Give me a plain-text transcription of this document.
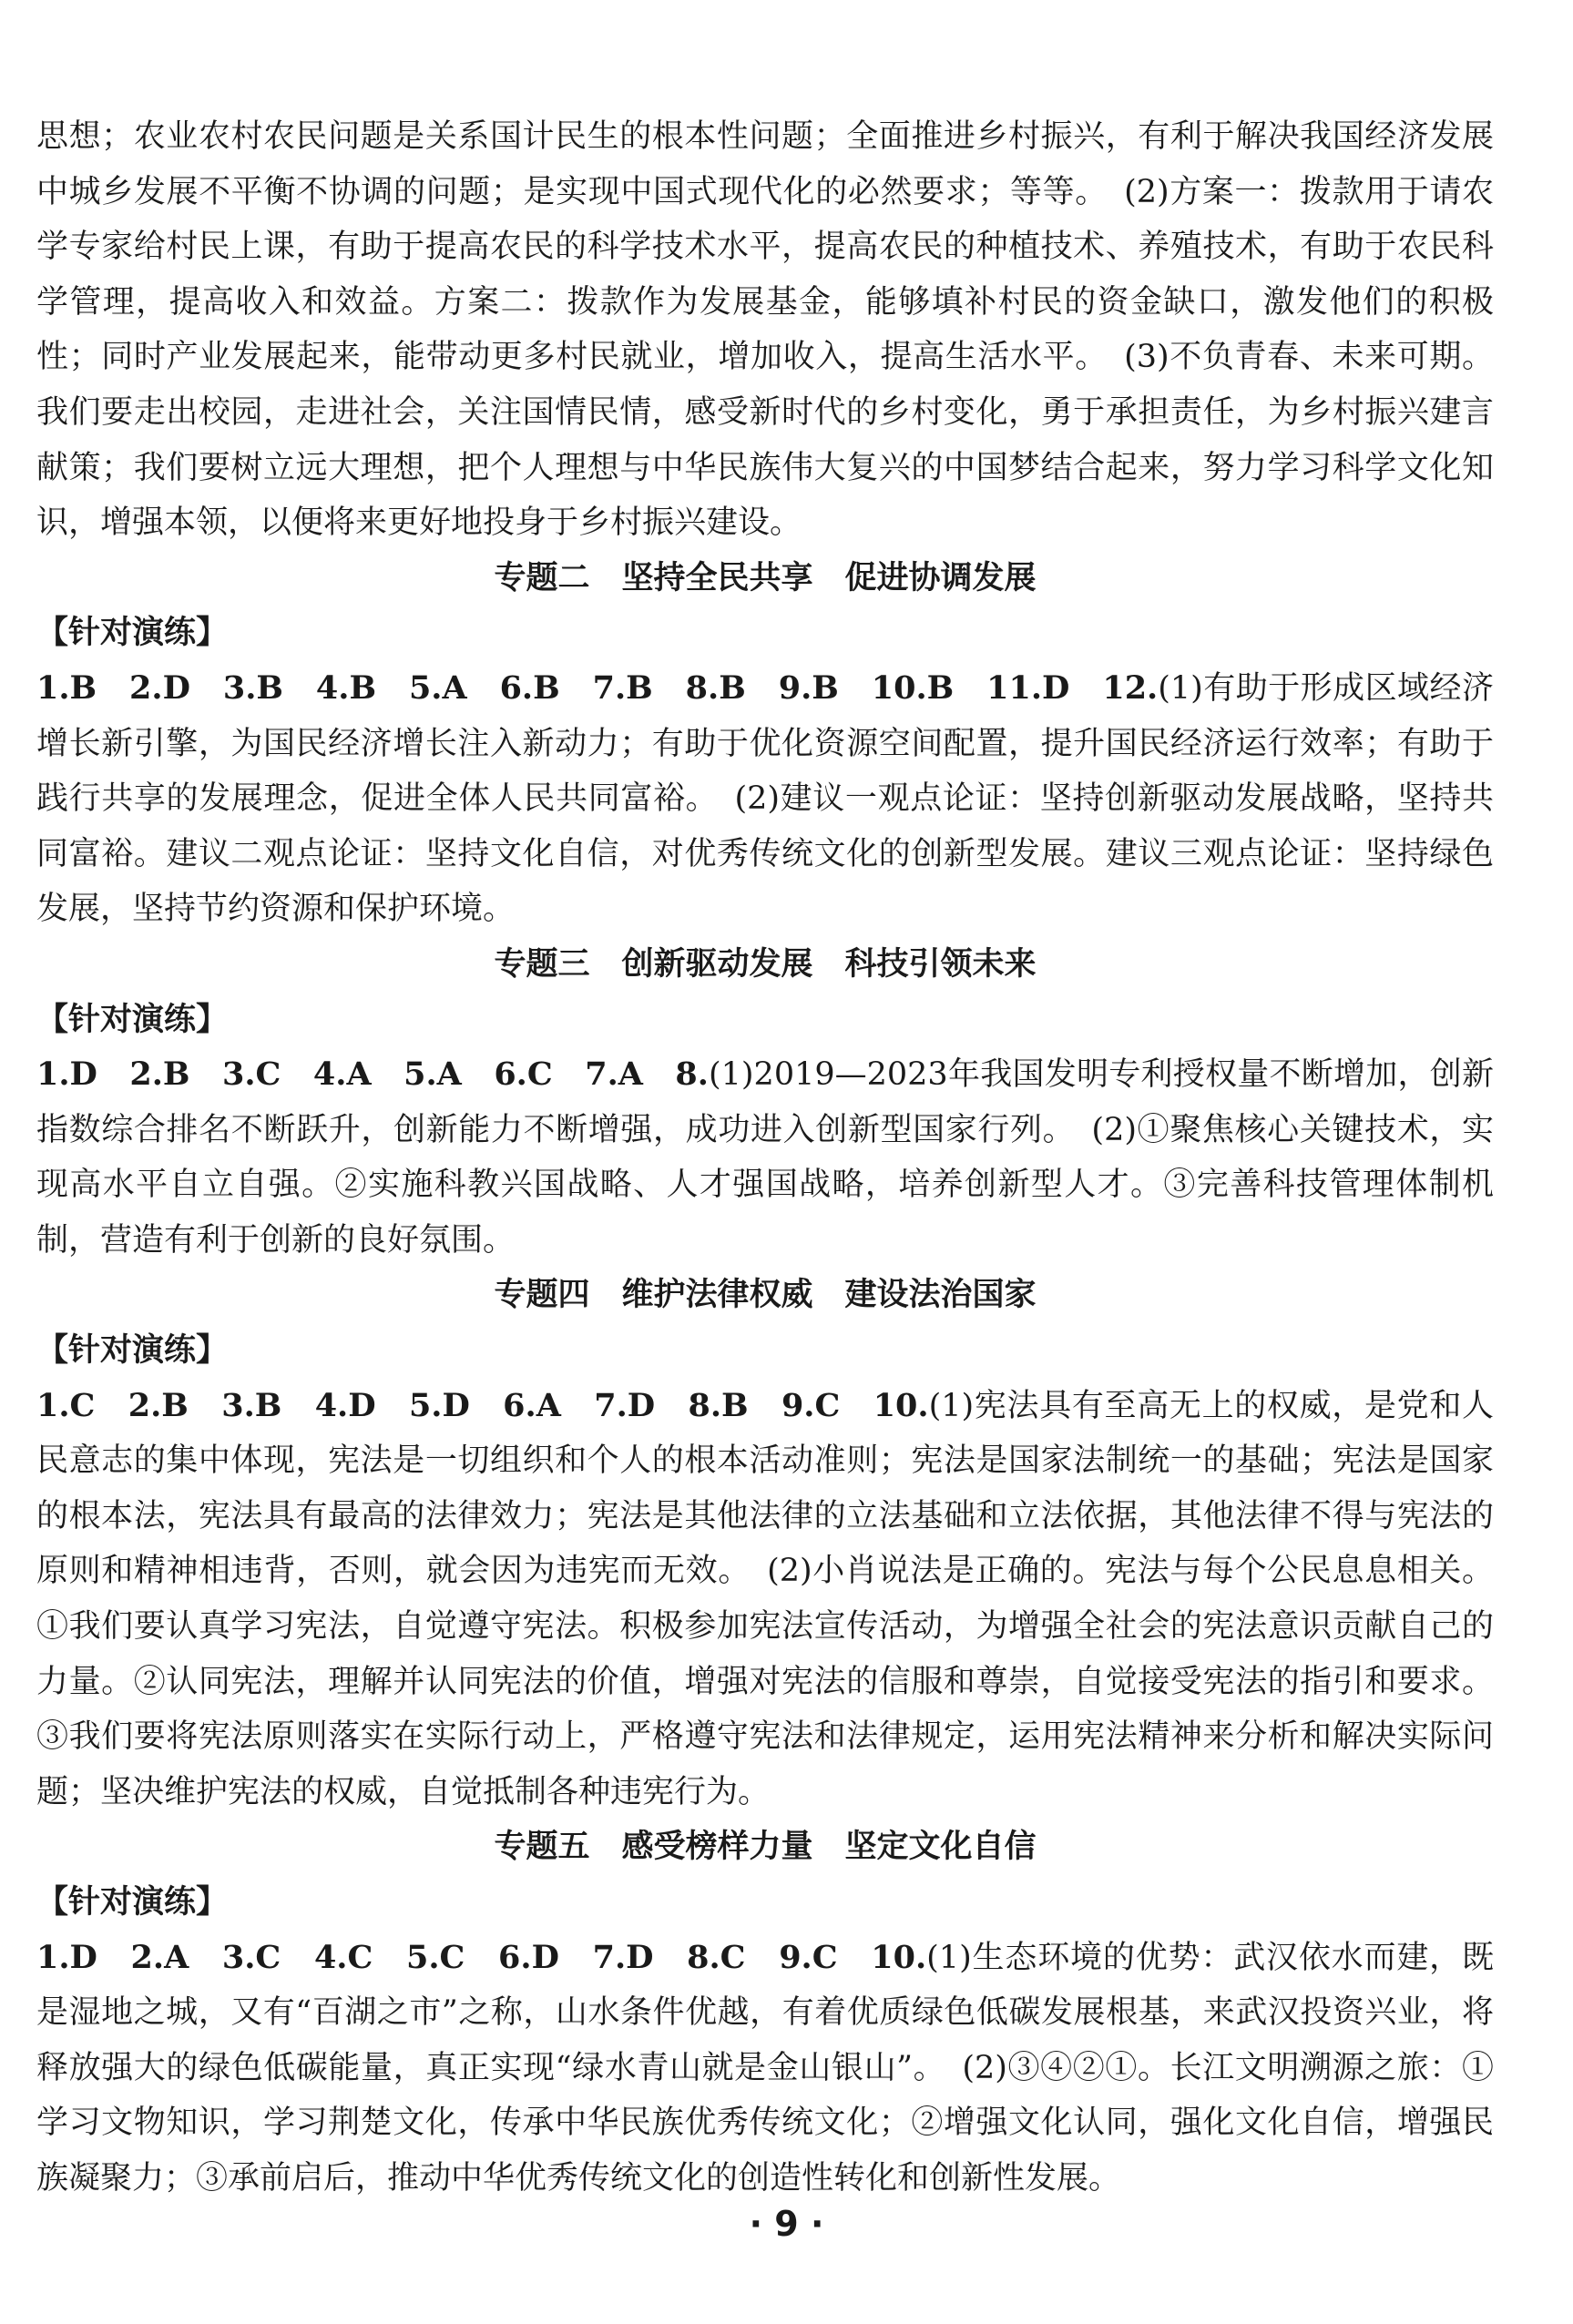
思想；农业农村农民问题是关系国计民生的根本性问题；全面推进乡村振兴，有利于解决我国经济发展中城乡发展不平衡不协调的问题；是实现中国式现代化的必然要求；等等。　(2)方案一：拨款用于请农学专家给村民上课，有助于提高农民的科学技术水平，提高农民的种植技术、养殖技术，有助于农民科学管理，提高收入和效益。方案二：拨款作为发展基金，能够填补村民的资金缺口，激发他们的积极性；同时产业发展起来，能带动更多村民就业，增加收入，提高生活水平。　(3)不负青春、未来可期。我们要走出校园，走进社会，关注国情民情，感受新时代的乡村变化，勇于承担责任，为乡村振兴建言献策；我们要树立远大理想，把个人理想与中华民族伟大复兴的中国梦结合起来，努力学习科学文化知识，增强本领，以便将来更好地投身于乡村振兴建设。

专题二　坚持全民共享　促进协调发展

【针对演练】

1.B　2.D　3.B　4.B　5.A　6.B　7.B　8.B　9.B　10.B　11.D　12.(1)有助于形成区域经济增长新引擎，为国民经济增长注入新动力；有助于优化资源空间配置，提升国民经济运行效率；有助于践行共享的发展理念，促进全体人民共同富裕。　(2)建议一观点论证：坚持创新驱动发展战略，坚持共同富裕。建议二观点论证：坚持文化自信，对优秀传统文化的创新型发展。建议三观点论证：坚持绿色发展，坚持节约资源和保护环境。

专题三　创新驱动发展　科技引领未来

【针对演练】

1.D　2.B　3.C　4.A　5.A　6.C　7.A　8.(1)2019—2023年我国发明专利授权量不断增加，创新指数综合排名不断跃升，创新能力不断增强，成功进入创新型国家行列。　(2)①聚焦核心关键技术，实现高水平自立自强。②实施科教兴国战略、人才强国战略，培养创新型人才。③完善科技管理体制机制，营造有利于创新的良好氛围。

专题四　维护法律权威　建设法治国家

【针对演练】

1.C　2.B　3.B　4.D　5.D　6.A　7.D　8.B　9.C　10.(1)宪法具有至高无上的权威，是党和人民意志的集中体现，宪法是一切组织和个人的根本活动准则；宪法是国家法制统一的基础；宪法是国家的根本法，宪法具有最高的法律效力；宪法是其他法律的立法基础和立法依据，其他法律不得与宪法的原则和精神相违背，否则，就会因为违宪而无效。　(2)小肖说法是正确的。宪法与每个公民息息相关。①我们要认真学习宪法，自觉遵守宪法。积极参加宪法宣传活动，为增强全社会的宪法意识贡献自己的力量。②认同宪法，理解并认同宪法的价值，增强对宪法的信服和尊崇，自觉接受宪法的指引和要求。③我们要将宪法原则落实在实际行动上，严格遵守宪法和法律规定，运用宪法精神来分析和解决实际问题；坚决维护宪法的权威，自觉抵制各种违宪行为。

专题五　感受榜样力量　坚定文化自信

【针对演练】

1.D　2.A　3.C　4.C　5.C　6.D　7.D　8.C　9.C　10.(1)生态环境的优势：武汉依水而建，既是湿地之城，又有“百湖之市”之称，山水条件优越，有着优质绿色低碳发展根基，来武汉投资兴业，将释放强大的绿色低碳能量，真正实现“绿水青山就是金山银山”。　(2)③④②①。长江文明溯源之旅：①学习文物知识，学习荆楚文化，传承中华民族优秀传统文化；②增强文化认同，强化文化自信，增强民族凝聚力；③承前启后，推动中华优秀传统文化的创造性转化和创新性发展。

· 9 ·
